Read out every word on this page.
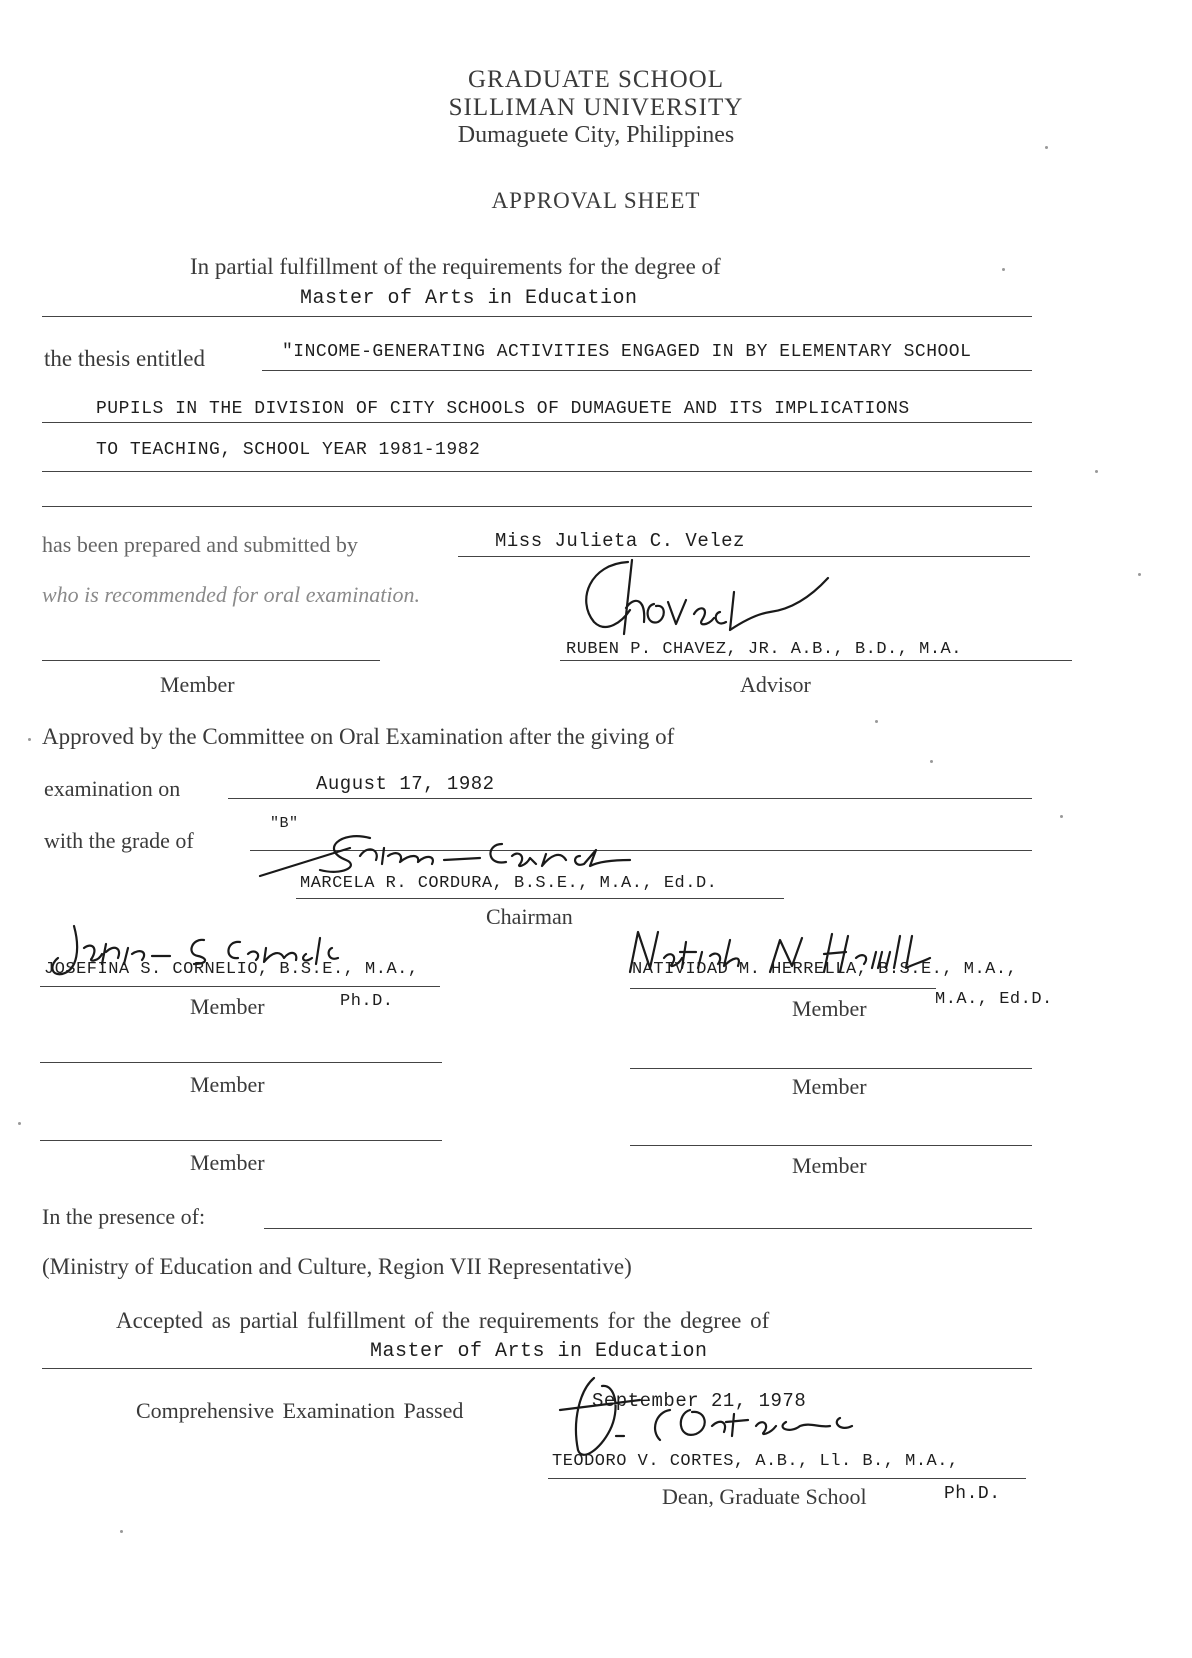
GRADUATE SCHOOL
SILLIMAN UNIVERSITY
Dumaguete City, Philippines
APPROVAL SHEET
In partial fulfillment of the requirements for the degree of
Master of Arts in Education
the thesis entitled	"INCOME-GENERATING ACTIVITIES ENGAGED IN BY ELEMENTARY SCHOOL
PUPILS IN THE DIVISION OF CITY SCHOOLS OF DUMAGUETE AND ITS IMPLICATIONS
TO TEACHING, SCHOOL YEAR 1981-1982
has been prepared and submitted by	Miss Julieta C. Velez
who is recommended for oral examination.
RUBEN P. CHAVEZ, JR. A.B., B.D., M.A.
Member	Advisor
Approved by the Committee on Oral Examination after the giving of
examination on	August 17, 1982
with the grade of
"B"
MARCELA R. CORDURA, B.S.E., M.A., Ed.D.
Chairman
JOSEFINA S. CORNELIO, B.S.E., M.A.,
Member	Ph.D.
NATIVIDAD M. HERRELLA, B.S.E., M.A.,
Member	M.A., Ed.D.
Member	Member
Member	Member
In the presence of:
(Ministry of Education and Culture, Region VII Representative)
Accepted as partial fulfillment of the requirements for the degree of
Master of Arts in Education
Comprehensive Examination Passed	September 21, 1978
TEODORO V. CORTES, A.B., Ll. B., M.A.,
Dean, Graduate School	Ph.D.
